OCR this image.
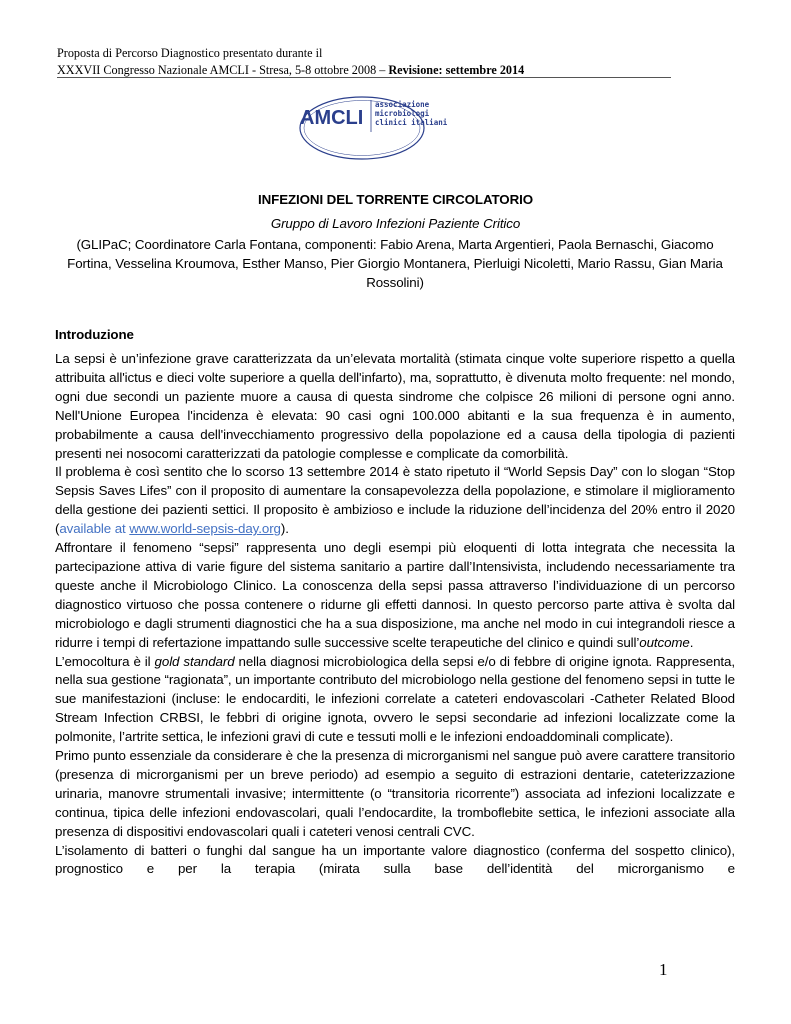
Proposta di Percorso Diagnostico presentato durante il
XXXVII Congresso Nazionale AMCLI - Stresa, 5-8 ottobre 2008 – Revisione: settembre 2014
AMCLI
associazione
microbiologi
clinici italiani
INFEZIONI DEL TORRENTE CIRCOLATORIO
Gruppo di Lavoro Infezioni Paziente Critico
(GLIPaC; Coordinatore Carla Fontana, componenti: Fabio Arena, Marta Argentieri, Paola Bernaschi, Giacomo Fortina, Vesselina Kroumova, Esther Manso, Pier Giorgio Montanera, Pierluigi Nicoletti, Mario Rassu, Gian Maria Rossolini)
Introduzione

La sepsi è un’infezione grave caratterizzata da un’elevata mortalità (stimata cinque volte superiore rispetto a quella attribuita all'ictus e dieci volte superiore a quella dell'infarto), ma, soprattutto, è divenuta molto frequente: nel mondo, ogni due secondi un paziente muore a causa di questa sindrome che colpisce 26 milioni di persone ogni anno. Nell'Unione Europea l'incidenza è elevata: 90 casi ogni 100.000 abitanti e la sua frequenza è in aumento, probabilmente a causa dell'invecchiamento progressivo della popolazione ed a causa della tipologia di pazienti presenti nei nosocomi caratterizzati da patologie complesse e complicate da comorbilità.

Il problema è così sentito che lo scorso 13 settembre 2014 è stato ripetuto il “World Sepsis Day” con lo slogan “Stop Sepsis Saves Lifes” con il proposito di aumentare la consapevolezza della popolazione, e stimolare il miglioramento della gestione dei pazienti settici. Il proposito è ambizioso e include la riduzione dell’incidenza del 20% entro il 2020 (available at www.world-sepsis-day.org).

Affrontare il fenomeno “sepsi” rappresenta uno degli esempi più eloquenti di lotta integrata che necessita la partecipazione attiva di varie figure del sistema sanitario a partire dall’Intensivista, includendo necessariamente tra queste anche il Microbiologo Clinico. La conoscenza della sepsi passa attraverso l’individuazione di un percorso diagnostico virtuoso che possa contenere o ridurne gli effetti dannosi. In questo percorso parte attiva è svolta dal microbiologo e dagli strumenti diagnostici che ha a sua disposizione, ma anche nel modo in cui integrandoli riesce a ridurre i tempi di refertazione impattando sulle successive scelte terapeutiche del clinico e quindi sull’outcome.

L’emocoltura è il gold standard nella diagnosi microbiologica della sepsi e/o di febbre di origine ignota. Rappresenta, nella sua gestione “ragionata”, un importante contributo del microbiologo nella gestione del fenomeno sepsi in tutte le sue manifestazioni (incluse: le endocarditi, le infezioni correlate a cateteri endovascolari -Catheter Related Blood Stream Infection CRBSI, le febbri di origine ignota, ovvero le sepsi secondarie ad infezioni localizzate come la polmonite, l’artrite settica, le infezioni gravi di cute e tessuti molli e le infezioni endoaddominali complicate).

Primo punto essenziale da considerare è che la presenza di microrganismi nel sangue può avere carattere transitorio (presenza di microrganismi per un breve periodo) ad esempio a seguito di estrazioni dentarie, cateterizzazione urinaria, manovre strumentali invasive; intermittente (o “transitoria ricorrente”) associata ad infezioni localizzate e continua, tipica delle infezioni endovascolari, quali l’endocardite, la tromboflebite settica, le infezioni associate alla presenza di dispositivi endovascolari quali i cateteri venosi centrali CVC.

L’isolamento di batteri o funghi dal sangue ha un importante valore diagnostico (conferma del sospetto clinico), prognostico e per la terapia (mirata sulla base dell’identità del microrganismo e

1
